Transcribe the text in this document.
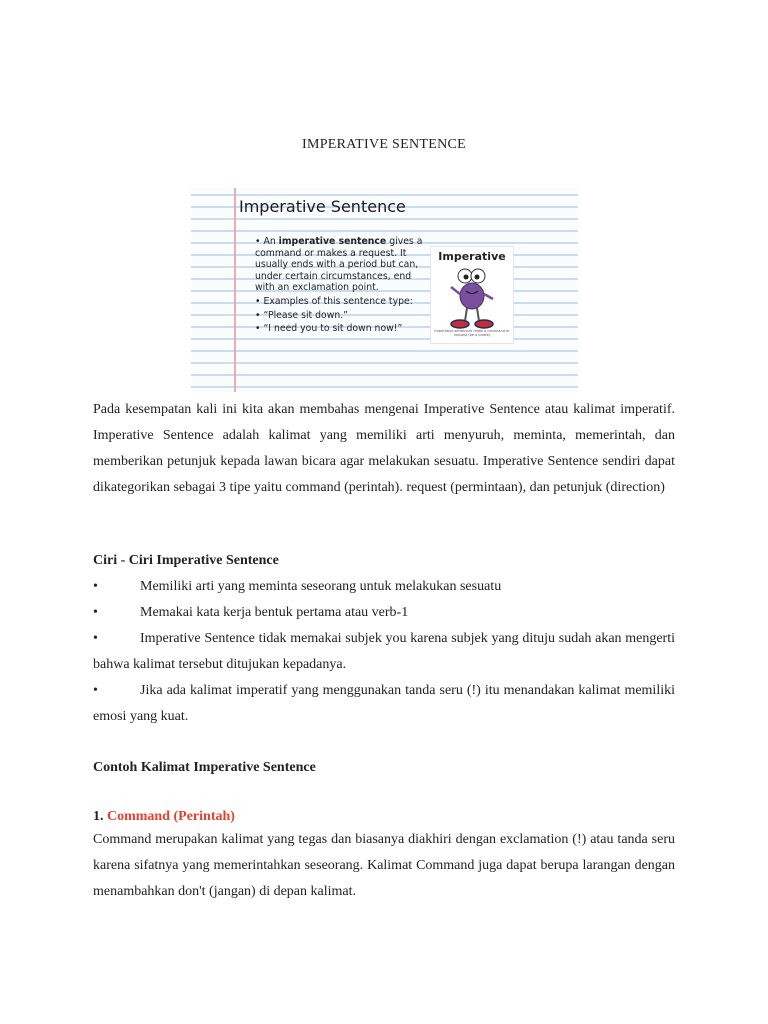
IMPERATIVE SENTENCE
Imperative Sentence
• An imperative sentence gives a command or makes a request. It usually ends with a period but can, under certain circumstances, end with an exclamation point.
• Examples of this sentence type:
• “Please sit down.”
• “I need you to sit down now!”
Imperative
Imperative sentences make a command or request (be a pirate)

Pada kesempatan kali ini kita akan membahas mengenai Imperative Sentence atau kalimat imperatif. Imperative Sentence adalah kalimat yang memiliki arti menyuruh, meminta, memerintah, dan memberikan petunjuk kepada lawan bicara agar melakukan sesuatu. Imperative Sentence sendiri dapat dikategorikan sebagai 3 tipe yaitu command (perintah). request (permintaan), dan petunjuk (direction)

Ciri - Ciri Imperative Sentence

•	Memiliki arti yang meminta seseorang untuk melakukan sesuatu

•	Memakai kata kerja bentuk pertama atau verb-1

•	Imperative Sentence tidak memakai subjek you karena subjek yang dituju sudah akan mengerti bahwa kalimat tersebut ditujukan kepadanya.

•	Jika ada kalimat imperatif yang menggunakan tanda seru (!) itu menandakan kalimat memiliki emosi yang kuat.

Contoh Kalimat Imperative Sentence

1. Command (Perintah)

Command merupakan kalimat yang tegas dan biasanya diakhiri dengan exclamation (!) atau tanda seru karena sifatnya yang memerintahkan seseorang. Kalimat Command juga dapat berupa larangan dengan menambahkan don't (jangan) di depan kalimat.
